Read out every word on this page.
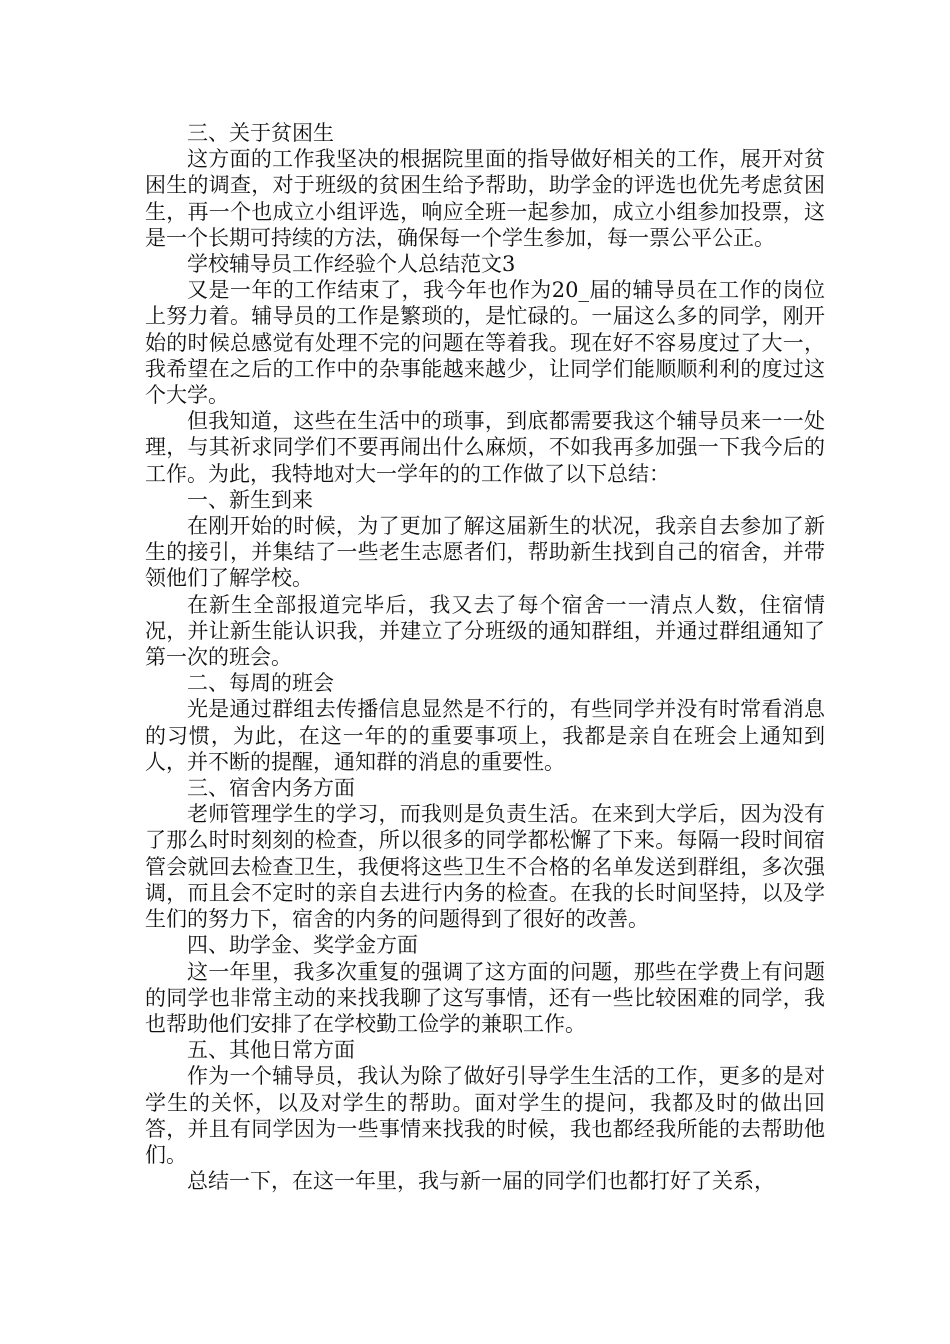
三、关于贫困生

这方面的工作我坚决的根据院里面的指导做好相关的工作，展开对贫困生的调查，对于班级的贫困生给予帮助，助学金的评选也优先考虑贫困生，再一个也成立小组评选，响应全班一起参加，成立小组参加投票，这是一个长期可持续的方法，确保每一个学生参加，每一票公平公正。

学校辅导员工作经验个人总结范文3

又是一年的工作结束了，我今年也作为20_届的辅导员在工作的岗位上努力着。辅导员的工作是繁琐的，是忙碌的。一届这么多的同学，刚开始的时候总感觉有处理不完的问题在等着我。现在好不容易度过了大一，我希望在之后的工作中的杂事能越来越少，让同学们能顺顺利利的度过这个大学。

但我知道，这些在生活中的琐事，到底都需要我这个辅导员来一一处理，与其祈求同学们不要再闹出什么麻烦，不如我再多加强一下我今后的工作。为此，我特地对大一学年的的工作做了以下总结：

一、新生到来

在刚开始的时候，为了更加了解这届新生的状况，我亲自去参加了新生的接引，并集结了一些老生志愿者们，帮助新生找到自己的宿舍，并带领他们了解学校。

在新生全部报道完毕后，我又去了每个宿舍一一清点人数，住宿情况，并让新生能认识我，并建立了分班级的通知群组，并通过群组通知了第一次的班会。

二、每周的班会

光是通过群组去传播信息显然是不行的，有些同学并没有时常看消息的习惯，为此，在这一年的的重要事项上，我都是亲自在班会上通知到人，并不断的提醒，通知群的消息的重要性。

三、宿舍内务方面

老师管理学生的学习，而我则是负责生活。在来到大学后，因为没有了那么时时刻刻的检查，所以很多的同学都松懈了下来。每隔一段时间宿管会就回去检查卫生，我便将这些卫生不合格的名单发送到群组，多次强调，而且会不定时的亲自去进行内务的检查。在我的长时间坚持，以及学生们的努力下，宿舍的内务的问题得到了很好的改善。

四、助学金、奖学金方面

这一年里，我多次重复的强调了这方面的问题，那些在学费上有问题的同学也非常主动的来找我聊了这写事情，还有一些比较困难的同学，我也帮助他们安排了在学校勤工俭学的兼职工作。

五、其他日常方面

作为一个辅导员，我认为除了做好引导学生生活的工作，更多的是对学生的关怀，以及对学生的帮助。面对学生的提问，我都及时的做出回答，并且有同学因为一些事情来找我的时候，我也都经我所能的去帮助他们。

总结一下，在这一年里，我与新一届的同学们也都打好了关系，
